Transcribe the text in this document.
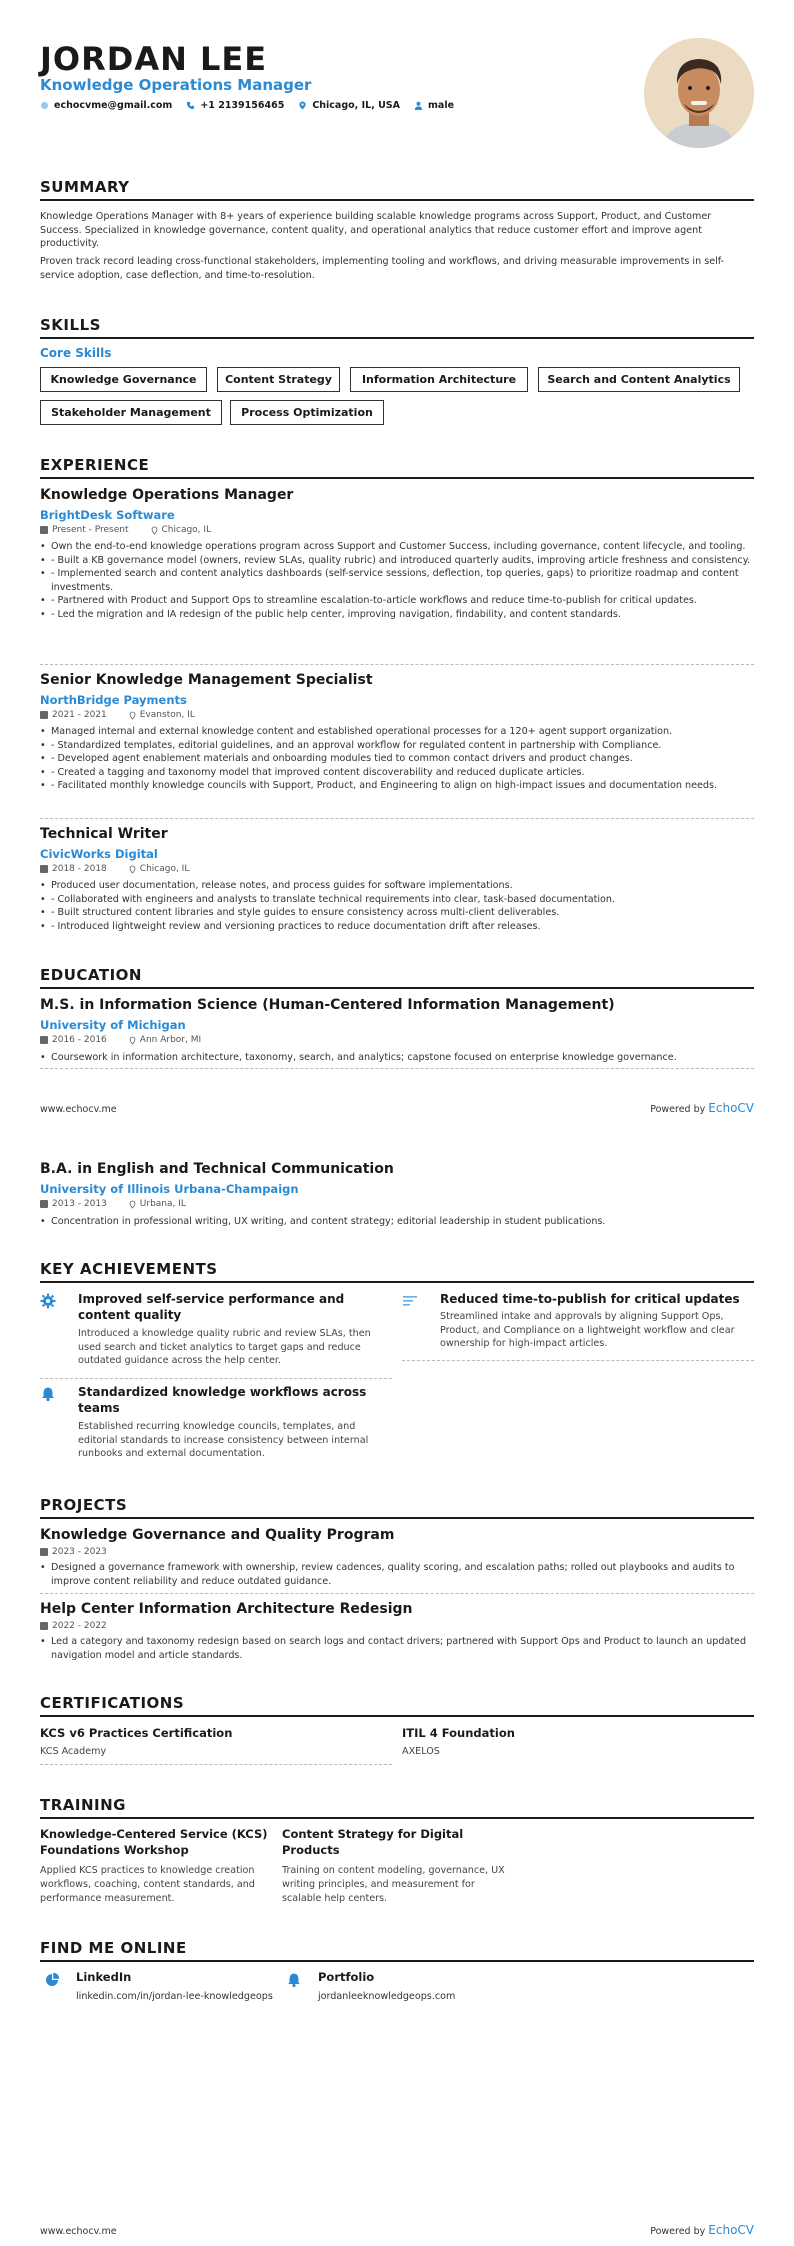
JORDAN LEE
Knowledge Operations Manager
echocvme@gmail.com	+1 2139156465	Chicago, IL, USA	male
SUMMARY
Knowledge Operations Manager with 8+ years of experience building scalable knowledge programs across Support, Product, and Customer Success. Specialized in knowledge governance, content quality, and operational analytics that reduce customer effort and improve agent productivity.
Proven track record leading cross-functional stakeholders, implementing tooling and workflows, and driving measurable improvements in self-service adoption, case deflection, and time-to-resolution.
SKILLS
Core Skills
Knowledge Governance	Content Strategy	Information Architecture	Search and Content Analytics
Stakeholder Management	Process Optimization
EXPERIENCE
Knowledge Operations Manager
BrightDesk Software
Present - Present	Chicago, IL
• Own the end-to-end knowledge operations program across Support and Customer Success, including governance, content lifecycle, and tooling.
• - Built a KB governance model (owners, review SLAs, quality rubric) and introduced quarterly audits, improving article freshness and consistency.
• - Implemented search and content analytics dashboards (self-service sessions, deflection, top queries, gaps) to prioritize roadmap and content investments.
• - Partnered with Product and Support Ops to streamline escalation-to-article workflows and reduce time-to-publish for critical updates.
• - Led the migration and IA redesign of the public help center, improving navigation, findability, and content standards.
Senior Knowledge Management Specialist
NorthBridge Payments
2021 - 2021	Evanston, IL
• Managed internal and external knowledge content and established operational processes for a 120+ agent support organization.
• - Standardized templates, editorial guidelines, and an approval workflow for regulated content in partnership with Compliance.
• - Developed agent enablement materials and onboarding modules tied to common contact drivers and product changes.
• - Created a tagging and taxonomy model that improved content discoverability and reduced duplicate articles.
• - Facilitated monthly knowledge councils with Support, Product, and Engineering to align on high-impact issues and documentation needs.
Technical Writer
CivicWorks Digital
2018 - 2018	Chicago, IL
• Produced user documentation, release notes, and process guides for software implementations.
• - Collaborated with engineers and analysts to translate technical requirements into clear, task-based documentation.
• - Built structured content libraries and style guides to ensure consistency across multi-client deliverables.
• - Introduced lightweight review and versioning practices to reduce documentation drift after releases.
EDUCATION
M.S. in Information Science (Human-Centered Information Management)
University of Michigan
2016 - 2016	Ann Arbor, MI
• Coursework in information architecture, taxonomy, search, and analytics; capstone focused on enterprise knowledge governance.
www.echocv.me	Powered by EchoCV
B.A. in English and Technical Communication
University of Illinois Urbana-Champaign
2013 - 2013	Urbana, IL
• Concentration in professional writing, UX writing, and content strategy; editorial leadership in student publications.
KEY ACHIEVEMENTS
Improved self-service performance and content quality
Introduced a knowledge quality rubric and review SLAs, then used search and ticket analytics to target gaps and reduce outdated guidance across the help center.
Reduced time-to-publish for critical updates
Streamlined intake and approvals by aligning Support Ops, Product, and Compliance on a lightweight workflow and clear ownership for high-impact articles.
Standardized knowledge workflows across teams
Established recurring knowledge councils, templates, and editorial standards to increase consistency between internal runbooks and external documentation.
PROJECTS
Knowledge Governance and Quality Program
2023 - 2023
• Designed a governance framework with ownership, review cadences, quality scoring, and escalation paths; rolled out playbooks and audits to improve content reliability and reduce outdated guidance.
Help Center Information Architecture Redesign
2022 - 2022
• Led a category and taxonomy redesign based on search logs and contact drivers; partnered with Support Ops and Product to launch an updated navigation model and article standards.
CERTIFICATIONS
KCS v6 Practices Certification
KCS Academy
ITIL 4 Foundation
AXELOS
TRAINING
Knowledge-Centered Service (KCS) Foundations Workshop
Applied KCS practices to knowledge creation workflows, coaching, content standards, and performance measurement.
Content Strategy for Digital Products
Training on content modeling, governance, UX writing principles, and measurement for scalable help centers.
FIND ME ONLINE
LinkedIn
linkedin.com/in/jordan-lee-knowledgeops
Portfolio
jordanleeknowledgeops.com
www.echocv.me	Powered by EchoCV
